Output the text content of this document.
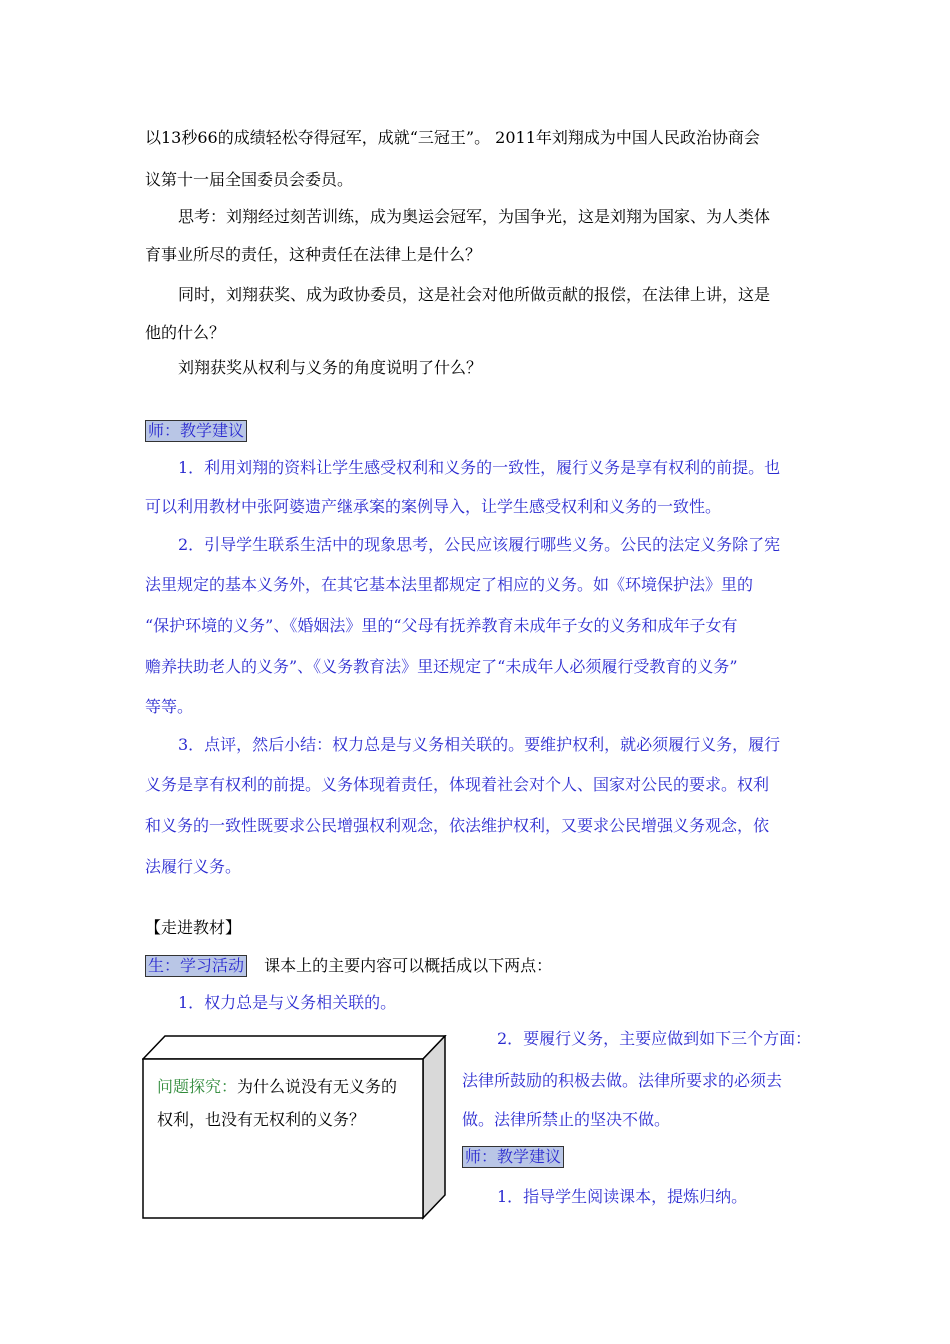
以13秒66的成绩轻松夺得冠军，成就“三冠王”。 2011年刘翔成为中国人民政治协商会
议第十一届全国委员会委员。
思考：刘翔经过刻苦训练，成为奥运会冠军，为国争光，这是刘翔为国家、为人类体
育事业所尽的责任，这种责任在法律上是什么？
同时，刘翔获奖、成为政协委员，这是社会对他所做贡献的报偿，在法律上讲，这是
他的什么？
刘翔获奖从权利与义务的角度说明了什么？
师：教学建议
1．利用刘翔的资料让学生感受权利和义务的一致性，履行义务是享有权利的前提。也
可以利用教材中张阿婆遗产继承案的案例导入，让学生感受权利和义务的一致性。
2．引导学生联系生活中的现象思考，公民应该履行哪些义务。公民的法定义务除了宪
法里规定的基本义务外，在其它基本法里都规定了相应的义务。如《环境保护法》里的
“保护环境的义务”、《婚姻法》里的“父母有抚养教育未成年子女的义务和成年子女有
赡养扶助老人的义务”、《义务教育法》里还规定了“未成年人必须履行受教育的义务”
等等。
3．点评，然后小结：权力总是与义务相关联的。要维护权利，就必须履行义务，履行
义务是享有权利的前提。义务体现着责任，体现着社会对个人、国家对公民的要求。权利
和义务的一致性既要求公民增强权利观念，依法维护权利，又要求公民增强义务观念，依
法履行义务。
【走进教材】
生：学习活动 课本上的主要内容可以概括成以下两点：
1．权力总是与义务相关联的。
问题探究：为什么说没有无义务的
权利，也没有无权利的义务？
2．要履行义务，主要应做到如下三个方面：
法律所鼓励的积极去做。法律所要求的必须去
做。法律所禁止的坚决不做。
师：教学建议
1．指导学生阅读课本，提炼归纳。
